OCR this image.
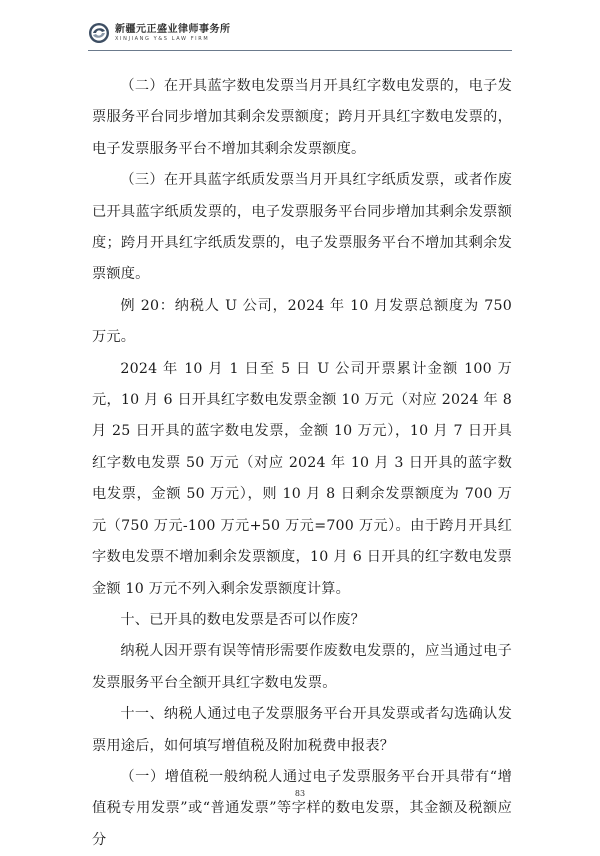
新疆元正盛业律师事务所
XINJIANG Y&S LAW FIRM

（二）在开具蓝字数电发票当月开具红字数电发票的，电子发票服务平台同步增加其剩余发票额度；跨月开具红字数电发票的，电子发票服务平台不增加其剩余发票额度。

（三）在开具蓝字纸质发票当月开具红字纸质发票，或者作废已开具蓝字纸质发票的，电子发票服务平台同步增加其剩余发票额度；跨月开具红字纸质发票的，电子发票服务平台不增加其剩余发票额度。

例 20：纳税人 U 公司，2024 年 10 月发票总额度为 750 万元。

2024 年 10 月 1 日至 5 日 U 公司开票累计金额 100 万元，10 月 6 日开具红字数电发票金额 10 万元（对应 2024 年 8 月 25 日开具的蓝字数电发票，金额 10 万元），10 月 7 日开具红字数电发票 50 万元（对应 2024 年 10 月 3 日开具的蓝字数电发票，金额 50 万元），则 10 月 8 日剩余发票额度为 700 万元（750 万元-100 万元+50 万元=700 万元）。由于跨月开具红字数电发票不增加剩余发票额度，10 月 6 日开具的红字数电发票金额 10 万元不列入剩余发票额度计算。

十、已开具的数电发票是否可以作废？

纳税人因开票有误等情形需要作废数电发票的，应当通过电子发票服务平台全额开具红字数电发票。

十一、纳税人通过电子发票服务平台开具发票或者勾选确认发票用途后，如何填写增值税及附加税费申报表？

（一）增值税一般纳税人通过电子发票服务平台开具带有“增值税专用发票”或“普通发票”等字样的数电发票，其金额及税额应分

83
